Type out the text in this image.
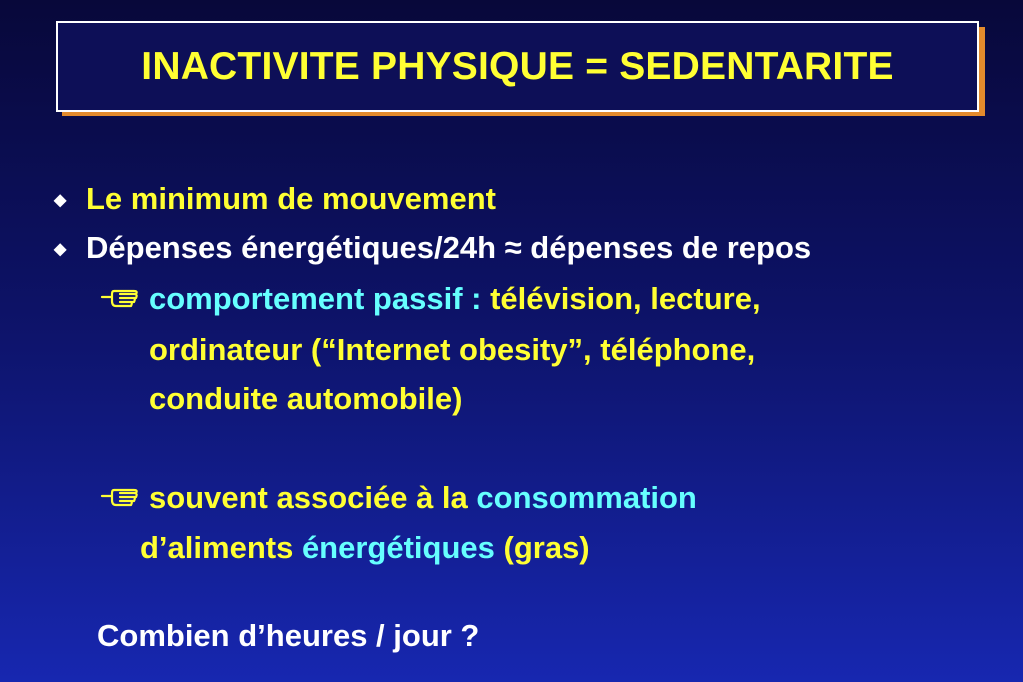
INACTIVITE PHYSIQUE = SEDENTARITE
◆ Le minimum de mouvement
◆ Dépenses énergétiques/24h ≈ dépenses de repos
comportement passif : télévision, lecture,
ordinateur (“Internet obesity”, téléphone,
conduite automobile)
souvent associée à la consommation
d’aliments énergétiques (gras)
Combien d’heures / jour ?
